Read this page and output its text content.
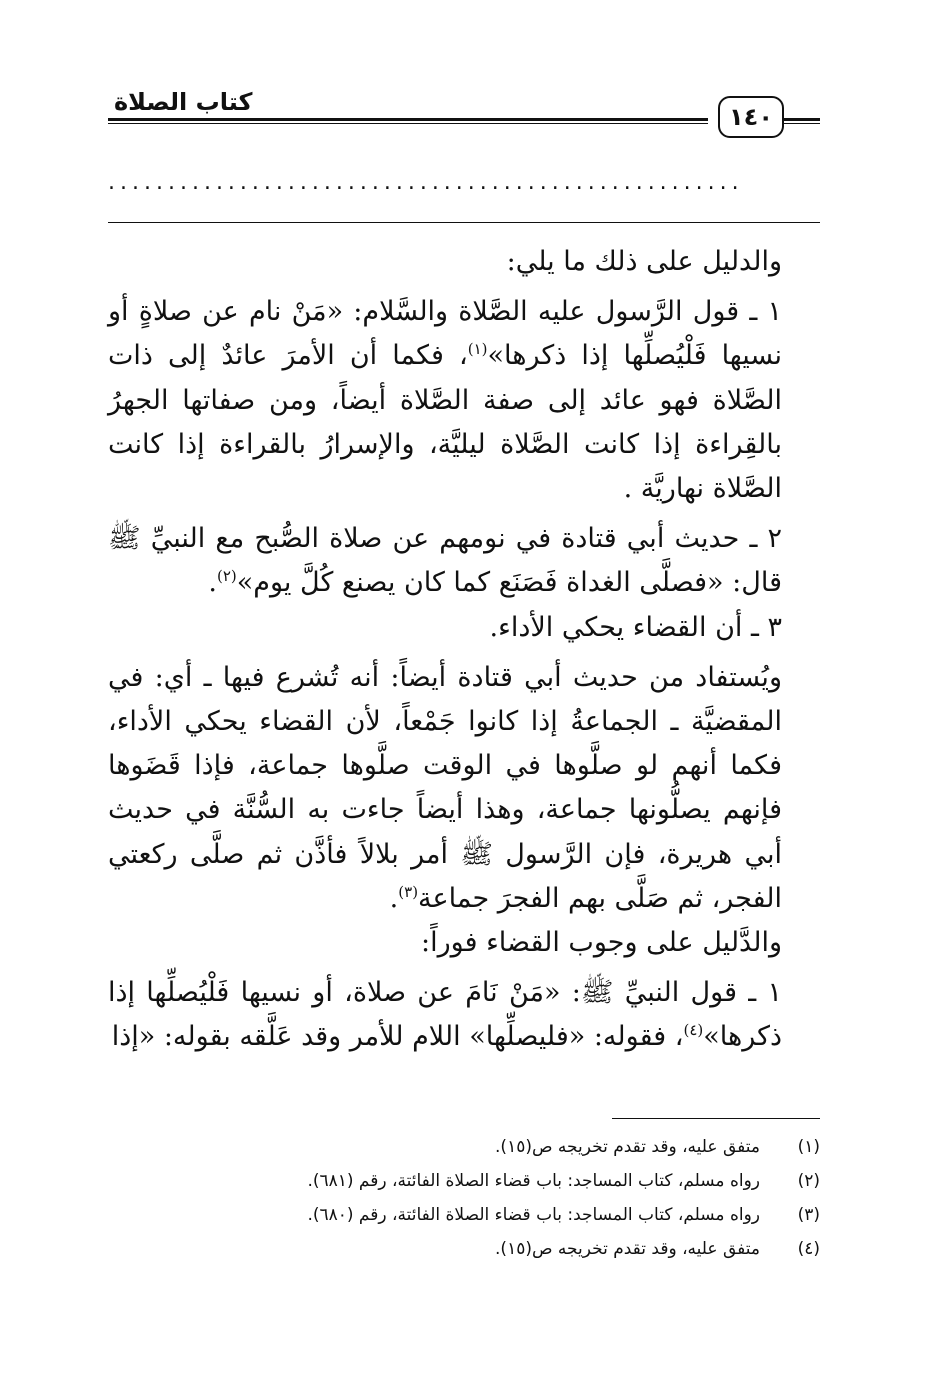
كتاب الصلاة
١٤٠
.....................................................

والدليل على ذلك ما يلي:

١ ـ قول الرَّسول عليه الصَّلاة والسَّلام: «مَنْ نام عن صلاةٍ أو نسيها فَلْيُصلِّها إذا ذكرها»$^{(١)}$، فكما أن الأمرَ عائدٌ إلى ذات الصَّلاة فهو عائد إلى صفة الصَّلاة أيضاً، ومن صفاتها الجهرُ بالقِراءة إذا كانت الصَّلاة ليليَّة، والإسرارُ بالقراءة إذا كانت الصَّلاة نهاريَّة .

٢ ـ حديث أبي قتادة في نومهم عن صلاة الصُّبح مع النبيِّ ﷺ قال: «فصلَّى الغداة فَصَنَع كما كان يصنع كُلَّ يوم»$^{(٢)}$.

٣ ـ أن القضاء يحكي الأداء.

ويُستفاد من حديث أبي قتادة أيضاً: أنه تُشرع فيها ـ أي: في المقضيَّة ـ الجماعةُ إذا كانوا جَمْعاً، لأن القضاء يحكي الأداء، فكما أنهم لو صلَّوها في الوقت صلَّوها جماعة، فإذا قَضَوها فإنهم يصلُّونها جماعة، وهذا أيضاً جاءت به السُّنَّة في حديث أبي هريرة، فإن الرَّسول ﷺ أمر بلالاً فأذَّن ثم صلَّى ركعتي الفجر، ثم صَلَّى بهم الفجرَ جماعة$^{(٣)}$.

والدَّليل على وجوب القضاء فوراً:

١ ـ قول النبيِّ ﷺ: «مَنْ نَامَ عن صلاة، أو نسيها فَلْيُصلِّها إذا ذكرها»$^{(٤)}$، فقوله: «فليصلِّها» اللام للأمر وقد عَلَّقه بقوله: «إذا

(١)
متفق عليه، وقد تقدم تخريجه ص(١٥).
(٢)
رواه مسلم، كتاب المساجد: باب قضاء الصلاة الفائتة، رقم (٦٨١).
(٣)
رواه مسلم، كتاب المساجد: باب قضاء الصلاة الفائتة، رقم (٦٨٠).
(٤)
متفق عليه، وقد تقدم تخريجه ص(١٥).
